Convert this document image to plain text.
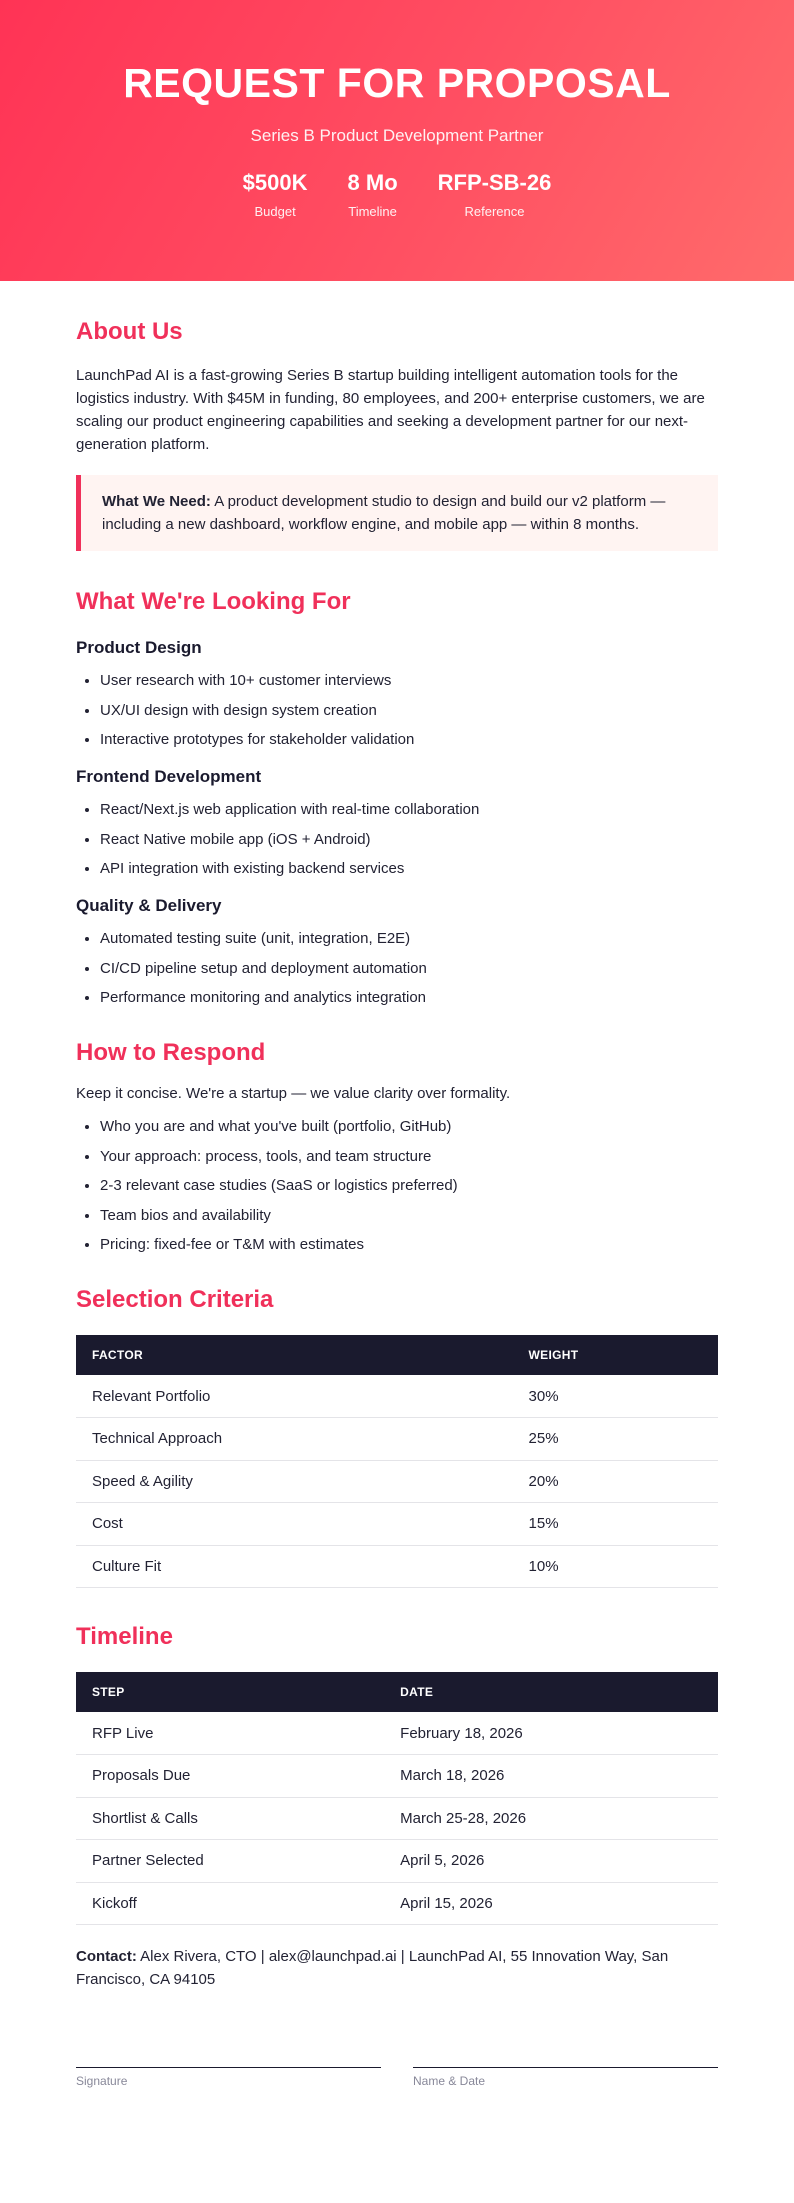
REQUEST FOR PROPOSAL
Series B Product Development Partner
$500K
Budget
8 Mo
Timeline
RFP-SB-26
Reference
About Us

LaunchPad AI is a fast-growing Series B startup building intelligent automation tools for the logistics industry. With $45M in funding, 80 employees, and 200+ enterprise customers, we are scaling our product engineering capabilities and seeking a development partner for our next-generation platform.

What We Need: A product development studio to design and build our v2 platform — including a new dashboard, workflow engine, and mobile app — within 8 months.
What We're Looking For
Product Design
• User research with 10+ customer interviews
• UX/UI design with design system creation
• Interactive prototypes for stakeholder validation
Frontend Development
• React/Next.js web application with real-time collaboration
• React Native mobile app (iOS + Android)
• API integration with existing backend services
Quality & Delivery
• Automated testing suite (unit, integration, E2E)
• CI/CD pipeline setup and deployment automation
• Performance monitoring and analytics integration
How to Respond

Keep it concise. We're a startup — we value clarity over formality.

• Who you are and what you've built (portfolio, GitHub)
• Your approach: process, tools, and team structure
• 2-3 relevant case studies (SaaS or logistics preferred)
• Team bios and availability
• Pricing: fixed-fee or T&M with estimates
Selection Criteria
FACTOR	WEIGHT
Relevant Portfolio	30%
Technical Approach	25%
Speed & Agility	20%
Cost	15%
Culture Fit	10%
Timeline
STEP	DATE
RFP Live	February 18, 2026
Proposals Due	March 18, 2026
Shortlist & Calls	March 25-28, 2026
Partner Selected	April 5, 2026
Kickoff	April 15, 2026

Contact: Alex Rivera, CTO | alex@launchpad.ai | LaunchPad AI, 55 Innovation Way, San Francisco, CA 94105

Signature	Name & Date
